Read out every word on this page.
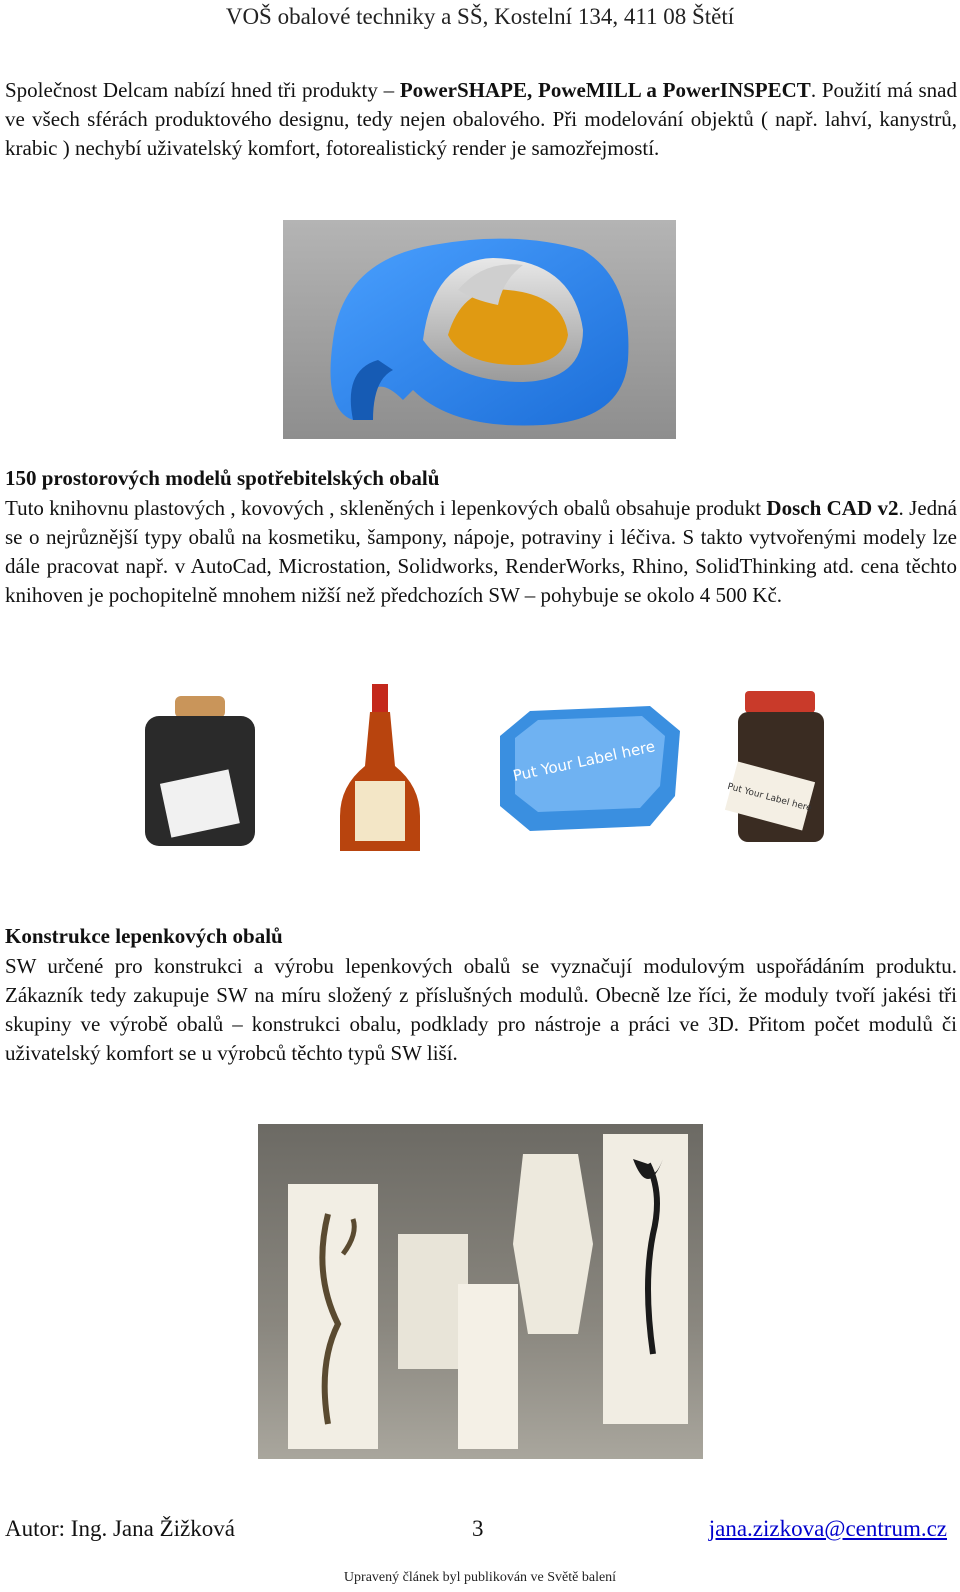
VOŠ obalové techniky a SŠ, Kostelní 134, 411 08 Štětí

Společnost Delcam nabízí hned tři produkty – PowerSHAPE, PoweMILL a PowerINSPECT. Použití má snad ve všech sférách produktového designu, tedy nejen obalového. Při modelování objektů ( např. lahví, kanystrů, krabic ) nechybí uživatelský komfort, fotorealistický render je samozřejmostí.

150 prostorových modelů spotřebitelských obalů

Tuto knihovnu plastových , kovových , skleněných i lepenkových obalů obsahuje produkt Dosch CAD v2. Jedná se o nejrůznější typy obalů na kosmetiku, šampony, nápoje, potraviny i léčiva. S takto vytvořenými modely lze dále pracovat např. v AutoCad, Microstation, Solidworks, RenderWorks, Rhino, SolidThinking atd. cena těchto knihoven je pochopitelně mnohem nižší než předchozích SW – pohybuje se okolo 4 500 Kč.

Put Your Label here
Put Your Label here
Konstrukce lepenkových obalů

SW určené pro konstrukci a výrobu lepenkových obalů se vyznačují modulovým uspořádáním produktu. Zákazník tedy zakupuje SW na míru složený z příslušných modulů. Obecně lze říci, že moduly tvoří jakési tři skupiny ve výrobě obalů – konstrukci obalu, podklady pro nástroje a práci ve 3D. Přitom počet modulů či uživatelský komfort se u výrobců těchto typů SW liší.

Autor: Ing. Jana Žižková	3	jana.zizkova@centrum.cz
Upravený článek byl publikován ve Světě balení
